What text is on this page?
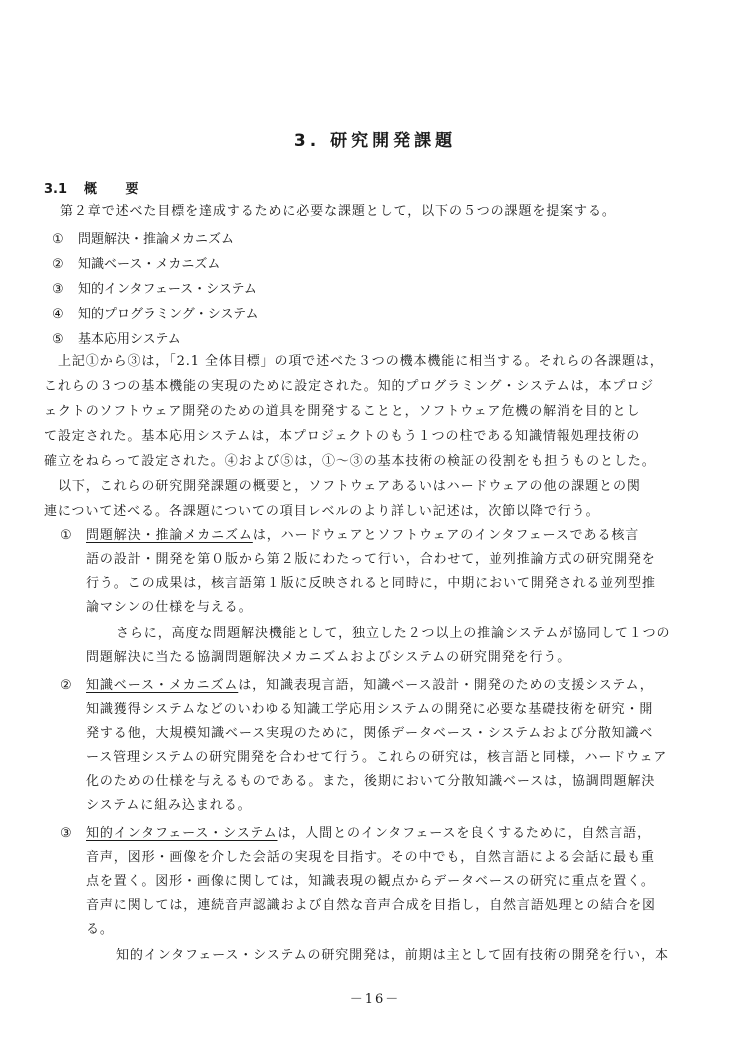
3. 研究開発課題
3.1 概 要
第２章で述べた目標を達成するために必要な課題として，以下の５つの課題を提案する。
① 問題解決・推論メカニズム
② 知識ベース・メカニズム
③ 知的インタフェース・システム
④ 知的プログラミング・システム
⑤ 基本応用システム
上記①から③は，「2.1 全体目標」の項で述べた３つの機本機能に相当する。それらの各課題は，
これらの３つの基本機能の実現のために設定された。知的プログラミング・システムは，本プロジ
ェクトのソフトウェア開発のための道具を開発することと，ソフトウェア危機の解消を目的とし
て設定された。基本応用システムは，本プロジェクトのもう１つの柱である知識情報処理技術の
確立をねらって設定された。④および⑤は，①～③の基本技術の検証の役割をも担うものとした。
以下，これらの研究開発課題の概要と，ソフトウェアあるいはハードウェアの他の課題との関
連について述べる。各課題についての項目レベルのより詳しい記述は，次節以降で行う。
① 問題解決・推論メカニズムは，ハードウェアとソフトウェアのインタフェースである核言
語の設計・開発を第０版から第２版にわたって行い，合わせて，並列推論方式の研究開発を
行う。この成果は，核言語第１版に反映されると同時に，中期において開発される並列型推
論マシンの仕様を与える。
さらに，高度な問題解決機能として，独立した２つ以上の推論システムが協同して１つの
問題解決に当たる協調問題解決メカニズムおよびシステムの研究開発を行う。
② 知識ベース・メカニズムは，知識表現言語，知識ベース設計・開発のための支援システム，
知識獲得システムなどのいわゆる知識工学応用システムの開発に必要な基礎技術を研究・開
発する他，大規模知識ベース実現のために，関係データベース・システムおよび分散知識ベ
ース管理システムの研究開発を合わせて行う。これらの研究は，核言語と同様，ハードウェア
化のための仕様を与えるものである。また，後期において分散知識ベースは，協調問題解決
システムに組み込まれる。
③ 知的インタフェース・システムは，人間とのインタフェースを良くするために，自然言語，
音声，図形・画像を介した会話の実現を目指す。その中でも，自然言語による会話に最も重
点を置く。図形・画像に関しては，知識表現の観点からデータベースの研究に重点を置く。
音声に関しては，連続音声認識および自然な音声合成を目指し，自然言語処理との結合を図
る。
知的インタフェース・システムの研究開発は，前期は主として固有技術の開発を行い，本
－16－
